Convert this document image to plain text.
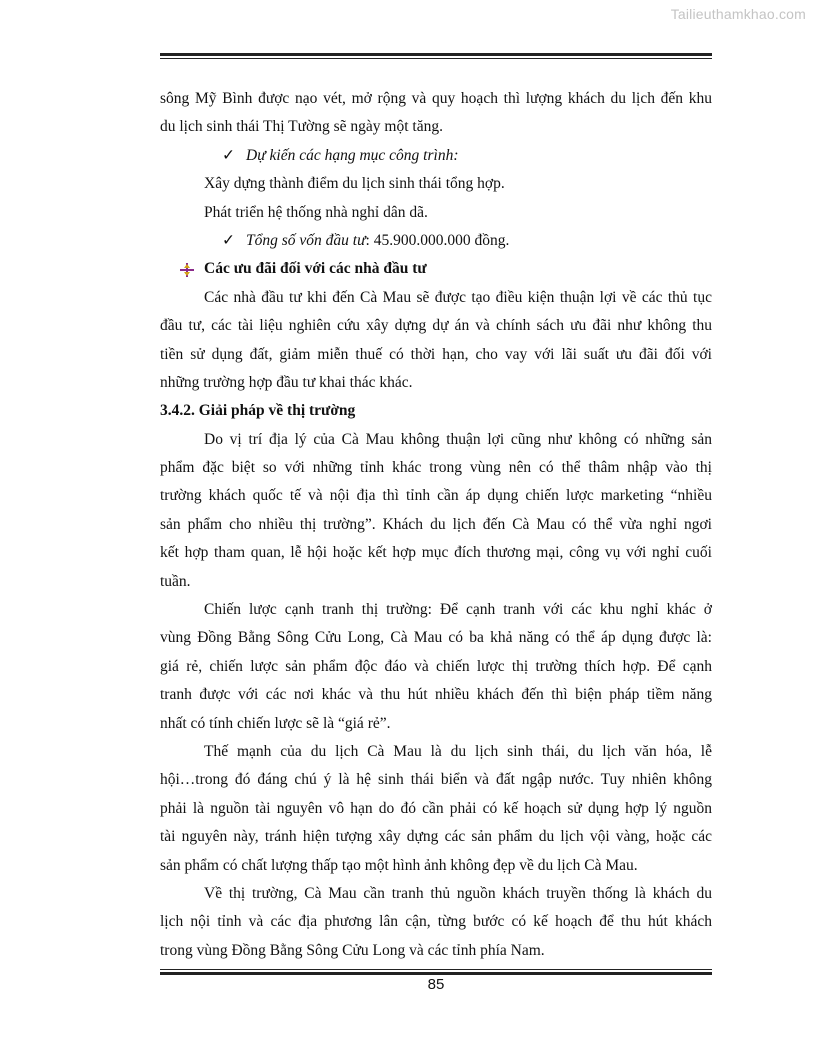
Tailieuthamkhao.com
sông Mỹ Bình được nạo vét, mở rộng và quy hoạch thì lượng khách du lịch đến khu
du lịch sinh thái Thị Tường sẽ ngày một tăng.
✓ Dự kiến các hạng mục công trình:
Xây dựng thành điểm du lịch sinh thái tổng hợp.
Phát triển hệ thống nhà nghỉ dân dã.
✓ Tổng số vốn đầu tư: 45.900.000.000 đồng.
Các ưu đãi đối với các nhà đầu tư
Các nhà đầu tư khi đến Cà Mau sẽ được tạo điều kiện thuận lợi về các thủ tục
đầu tư, các tài liệu nghiên cứu xây dựng dự án và chính sách ưu đãi như không thu
tiền sử dụng đất, giảm miễn thuế có thời hạn, cho vay với lãi suất ưu đãi đối với
những trường hợp đầu tư khai thác khác.
3.4.2. Giải pháp về thị trường
Do vị trí địa lý của Cà Mau không thuận lợi cũng như không có những sản
phẩm đặc biệt so với những tỉnh khác trong vùng nên có thể thâm nhập vào thị
trường khách quốc tế và nội địa thì tỉnh cần áp dụng chiến lược marketing “nhiều
sản phẩm cho nhiều thị trường”. Khách du lịch đến Cà Mau có thể vừa nghỉ ngơi
kết hợp tham quan, lễ hội hoặc kết hợp mục đích thương mại, công vụ với nghỉ cuối
tuần.
Chiến lược cạnh tranh thị trường: Để cạnh tranh với các khu nghỉ khác ở
vùng Đồng Bằng Sông Cửu Long, Cà Mau có ba khả năng có thể áp dụng được là:
giá rẻ, chiến lược sản phẩm độc đáo và chiến lược thị trường thích hợp. Để cạnh
tranh được với các nơi khác và thu hút nhiều khách đến thì biện pháp tiềm năng
nhất có tính chiến lược sẽ là “giá rẻ”.
Thế mạnh của du lịch Cà Mau là du lịch sinh thái, du lịch văn hóa, lễ
hội…trong đó đáng chú ý là hệ sinh thái biển và đất ngập nước. Tuy nhiên không
phải là nguồn tài nguyên vô hạn do đó cần phải có kế hoạch sử dụng hợp lý nguồn
tài nguyên này, tránh hiện tượng xây dựng các sản phẩm du lịch vội vàng, hoặc các
sản phẩm có chất lượng thấp tạo một hình ảnh không đẹp về du lịch Cà Mau.
Về thị trường, Cà Mau cần tranh thủ nguồn khách truyền thống là khách du
lịch nội tỉnh và các địa phương lân cận, từng bước có kế hoạch để thu hút khách
trong vùng Đồng Bằng Sông Cửu Long và các tỉnh phía Nam.
85
